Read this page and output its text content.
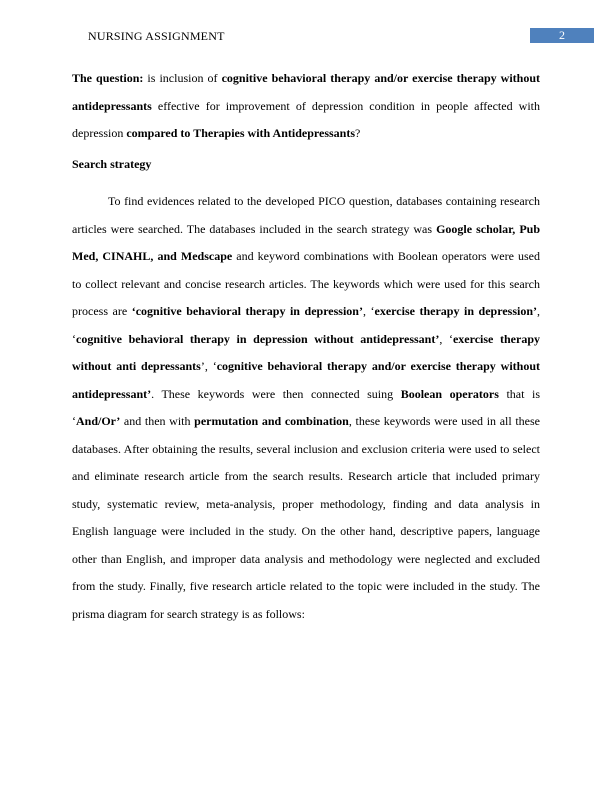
NURSING ASSIGNMENT	2

The question: is inclusion of cognitive behavioral therapy and/or exercise therapy without antidepressants effective for improvement of depression condition in people affected with depression compared to Therapies with Antidepressants?

Search strategy

To find evidences related to the developed PICO question, databases containing research articles were searched. The databases included in the search strategy was Google scholar, Pub Med, CINAHL, and Medscape and keyword combinations with Boolean operators were used to collect relevant and concise research articles. The keywords which were used for this search process are ‘cognitive behavioral therapy in depression’, ‘exercise therapy in depression’, ‘cognitive behavioral therapy in depression without antidepressant’, ‘exercise therapy without anti depressants’, ‘cognitive behavioral therapy and/or exercise therapy without antidepressant’. These keywords were then connected suing Boolean operators that is ‘And/Or’ and then with permutation and combination, these keywords were used in all these databases. After obtaining the results, several inclusion and exclusion criteria were used to select and eliminate research article from the search results. Research article that included primary study, systematic review, meta-analysis, proper methodology, finding and data analysis in English language were included in the study. On the other hand, descriptive papers, language other than English, and improper data analysis and methodology were neglected and excluded from the study. Finally, five research article related to the topic were included in the study. The prisma diagram for search strategy is as follows:
